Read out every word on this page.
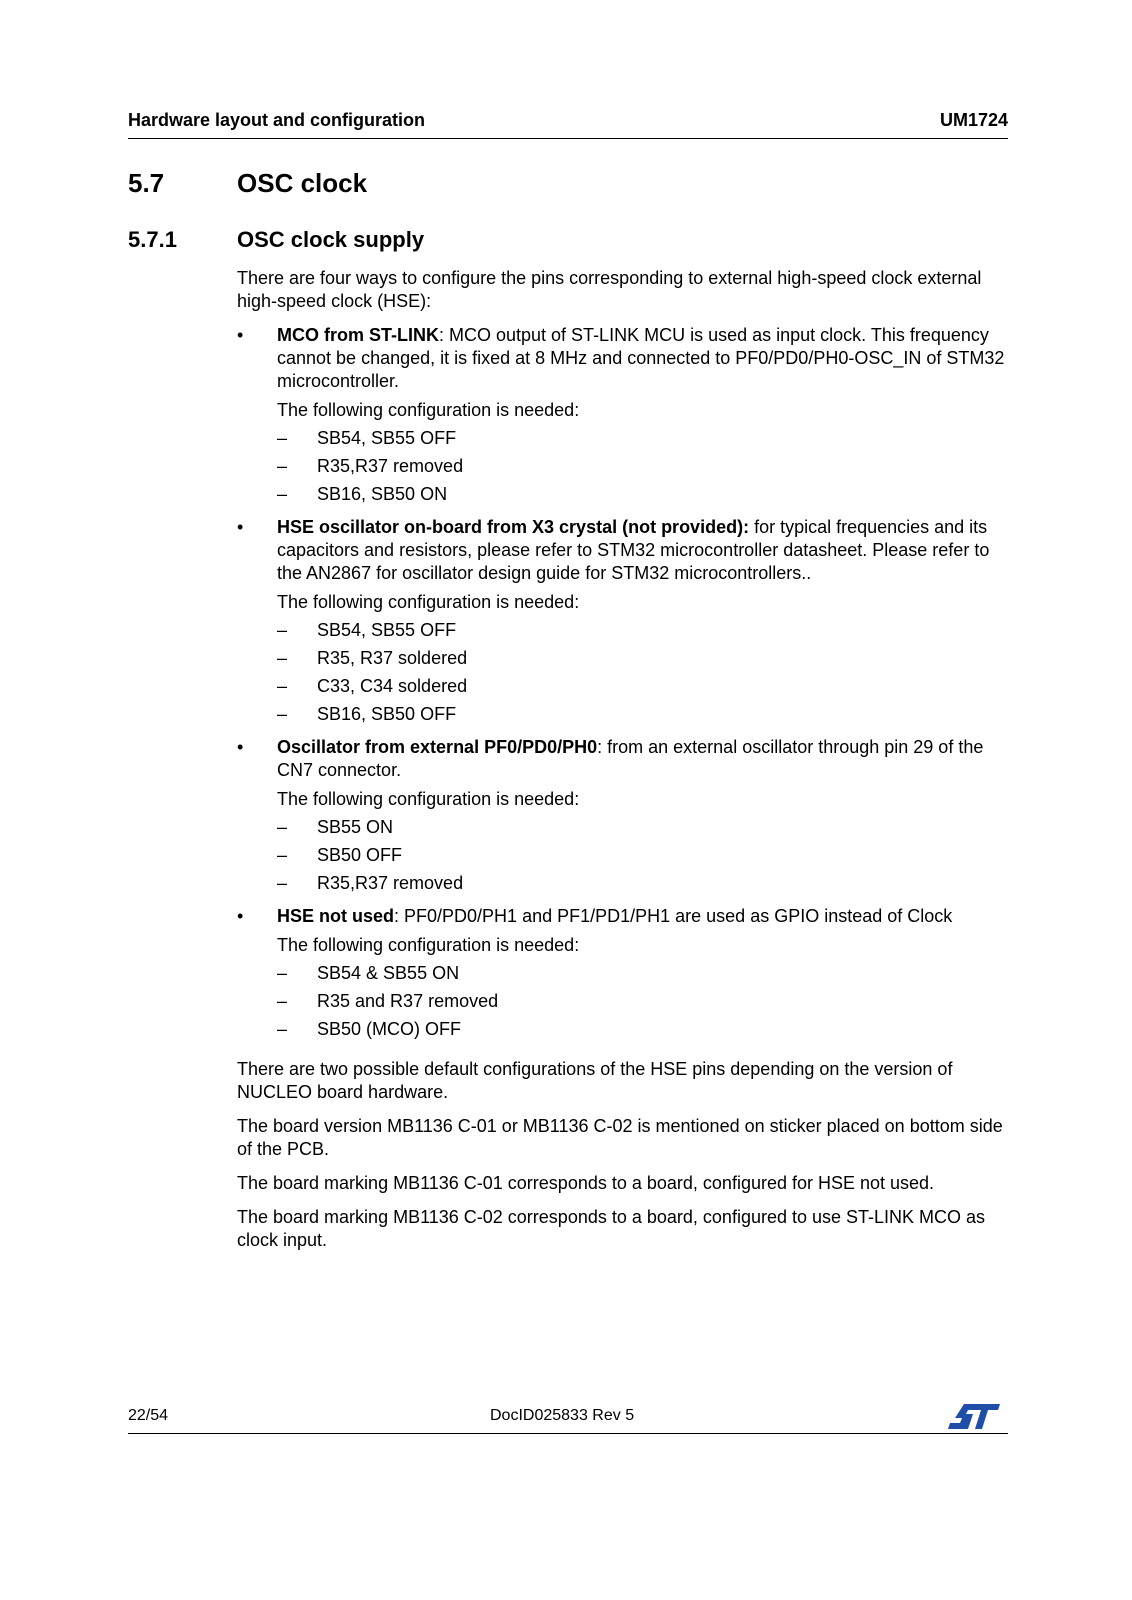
Hardware layout and configuration	UM1724
5.7	OSC clock
5.7.1	OSC clock supply

There are four ways to configure the pins corresponding to external high-speed clock external high-speed clock (HSE):

•	MCO from ST-LINK: MCO output of ST-LINK MCU is used as input clock. This frequency cannot be changed, it is fixed at 8 MHz and connected to PF0/PD0/PH0-OSC_IN of STM32 microcontroller.

The following configuration is needed:

– SB54, SB55 OFF
– R35,R37 removed
– SB16, SB50 ON
•	HSE oscillator on-board from X3 crystal (not provided): for typical frequencies and its capacitors and resistors, please refer to STM32 microcontroller datasheet. Please refer to the AN2867 for oscillator design guide for STM32 microcontrollers..

The following configuration is needed:

– SB54, SB55 OFF
– R35, R37 soldered
– C33, C34 soldered
– SB16, SB50 OFF
•	Oscillator from external PF0/PD0/PH0: from an external oscillator through pin 29 of the CN7 connector.

The following configuration is needed:

– SB55 ON
– SB50 OFF
– R35,R37 removed
•	HSE not used: PF0/PD0/PH1 and PF1/PD1/PH1 are used as GPIO instead of Clock

The following configuration is needed:

– SB54 & SB55 ON
– R35 and R37 removed
– SB50 (MCO) OFF

There are two possible default configurations of the HSE pins depending on the version of NUCLEO board hardware.

The board version MB1136 C-01 or MB1136 C-02 is mentioned on sticker placed on bottom side of the PCB.

The board marking MB1136 C-01 corresponds to a board, configured for HSE not used.

The board marking MB1136 C-02 corresponds to a board, configured to use ST-LINK MCO as clock input.

22/54	DocID025833 Rev 5
